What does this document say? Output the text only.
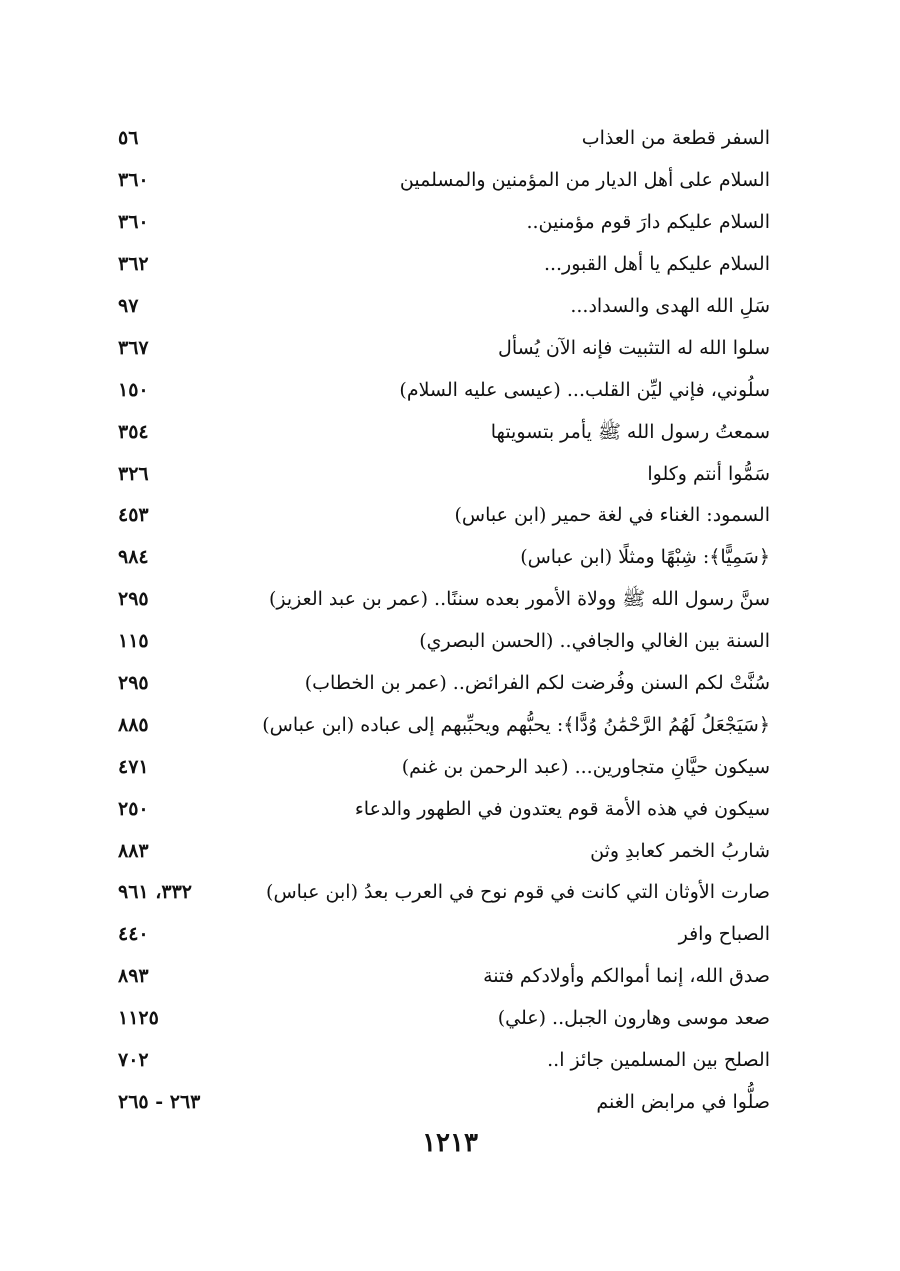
السفر قطعة من العذاب
٥٦
السلام على أهل الديار من المؤمنين والمسلمين
٣٦٠
السلام عليكم دارَ قوم مؤمنين..
٣٦٠
السلام عليكم يا أهل القبور...
٣٦٢
سَلِ الله الهدى والسداد...
٩٧
سلوا الله له التثبيت فإنه الآن يُسأل
٣٦٧
سلُوني، فإني ليِّن القلب... (عيسى عليه السلام)
١٥٠
سمعتُ رسول الله ﷺ يأمر بتسويتها
٣٥٤
سَمُّوا أنتم وكلوا
٣٢٦
السمود: الغناء في لغة حمير (ابن عباس)
٤٥٣
﴿سَمِيًّا﴾: شِبْهًا ومثلًا (ابن عباس)
٩٨٤
سنَّ رسول الله ﷺ وولاة الأمور بعده سننًا.. (عمر بن عبد العزيز)
٢٩٥
السنة بين الغالي والجافي.. (الحسن البصري)
١١٥
سُنَّتْ لكم السنن وفُرضت لكم الفرائض.. (عمر بن الخطاب)
٢٩٥
﴿سَيَجْعَلُ لَهُمُ الرَّحْمَٰنُ وُدًّا﴾: يحبُّهم ويحبِّبهم إلى عباده (ابن عباس)
٨٨٥
سيكون حيَّانِ متجاورين... (عبد الرحمن بن غنم)
٤٧١
سيكون في هذه الأمة قوم يعتدون في الطهور والدعاء
٢٥٠
شاربُ الخمر كعابدِ وثن
٨٨٣
صارت الأوثان التي كانت في قوم نوح في العرب بعدُ (ابن عباس)
٣٣٢، ٩٦١
الصباح وافر
٤٤٠
صدق الله، إنما أموالكم وأولادكم فتنة
٨٩٣
صعد موسى وهارون الجبل.. (علي)
١١٢٥
الصلح بين المسلمين جائز ا..
٧٠٢
صلُّوا في مرابض الغنم
٢٦٣ - ٢٦٥
١٢١٣
